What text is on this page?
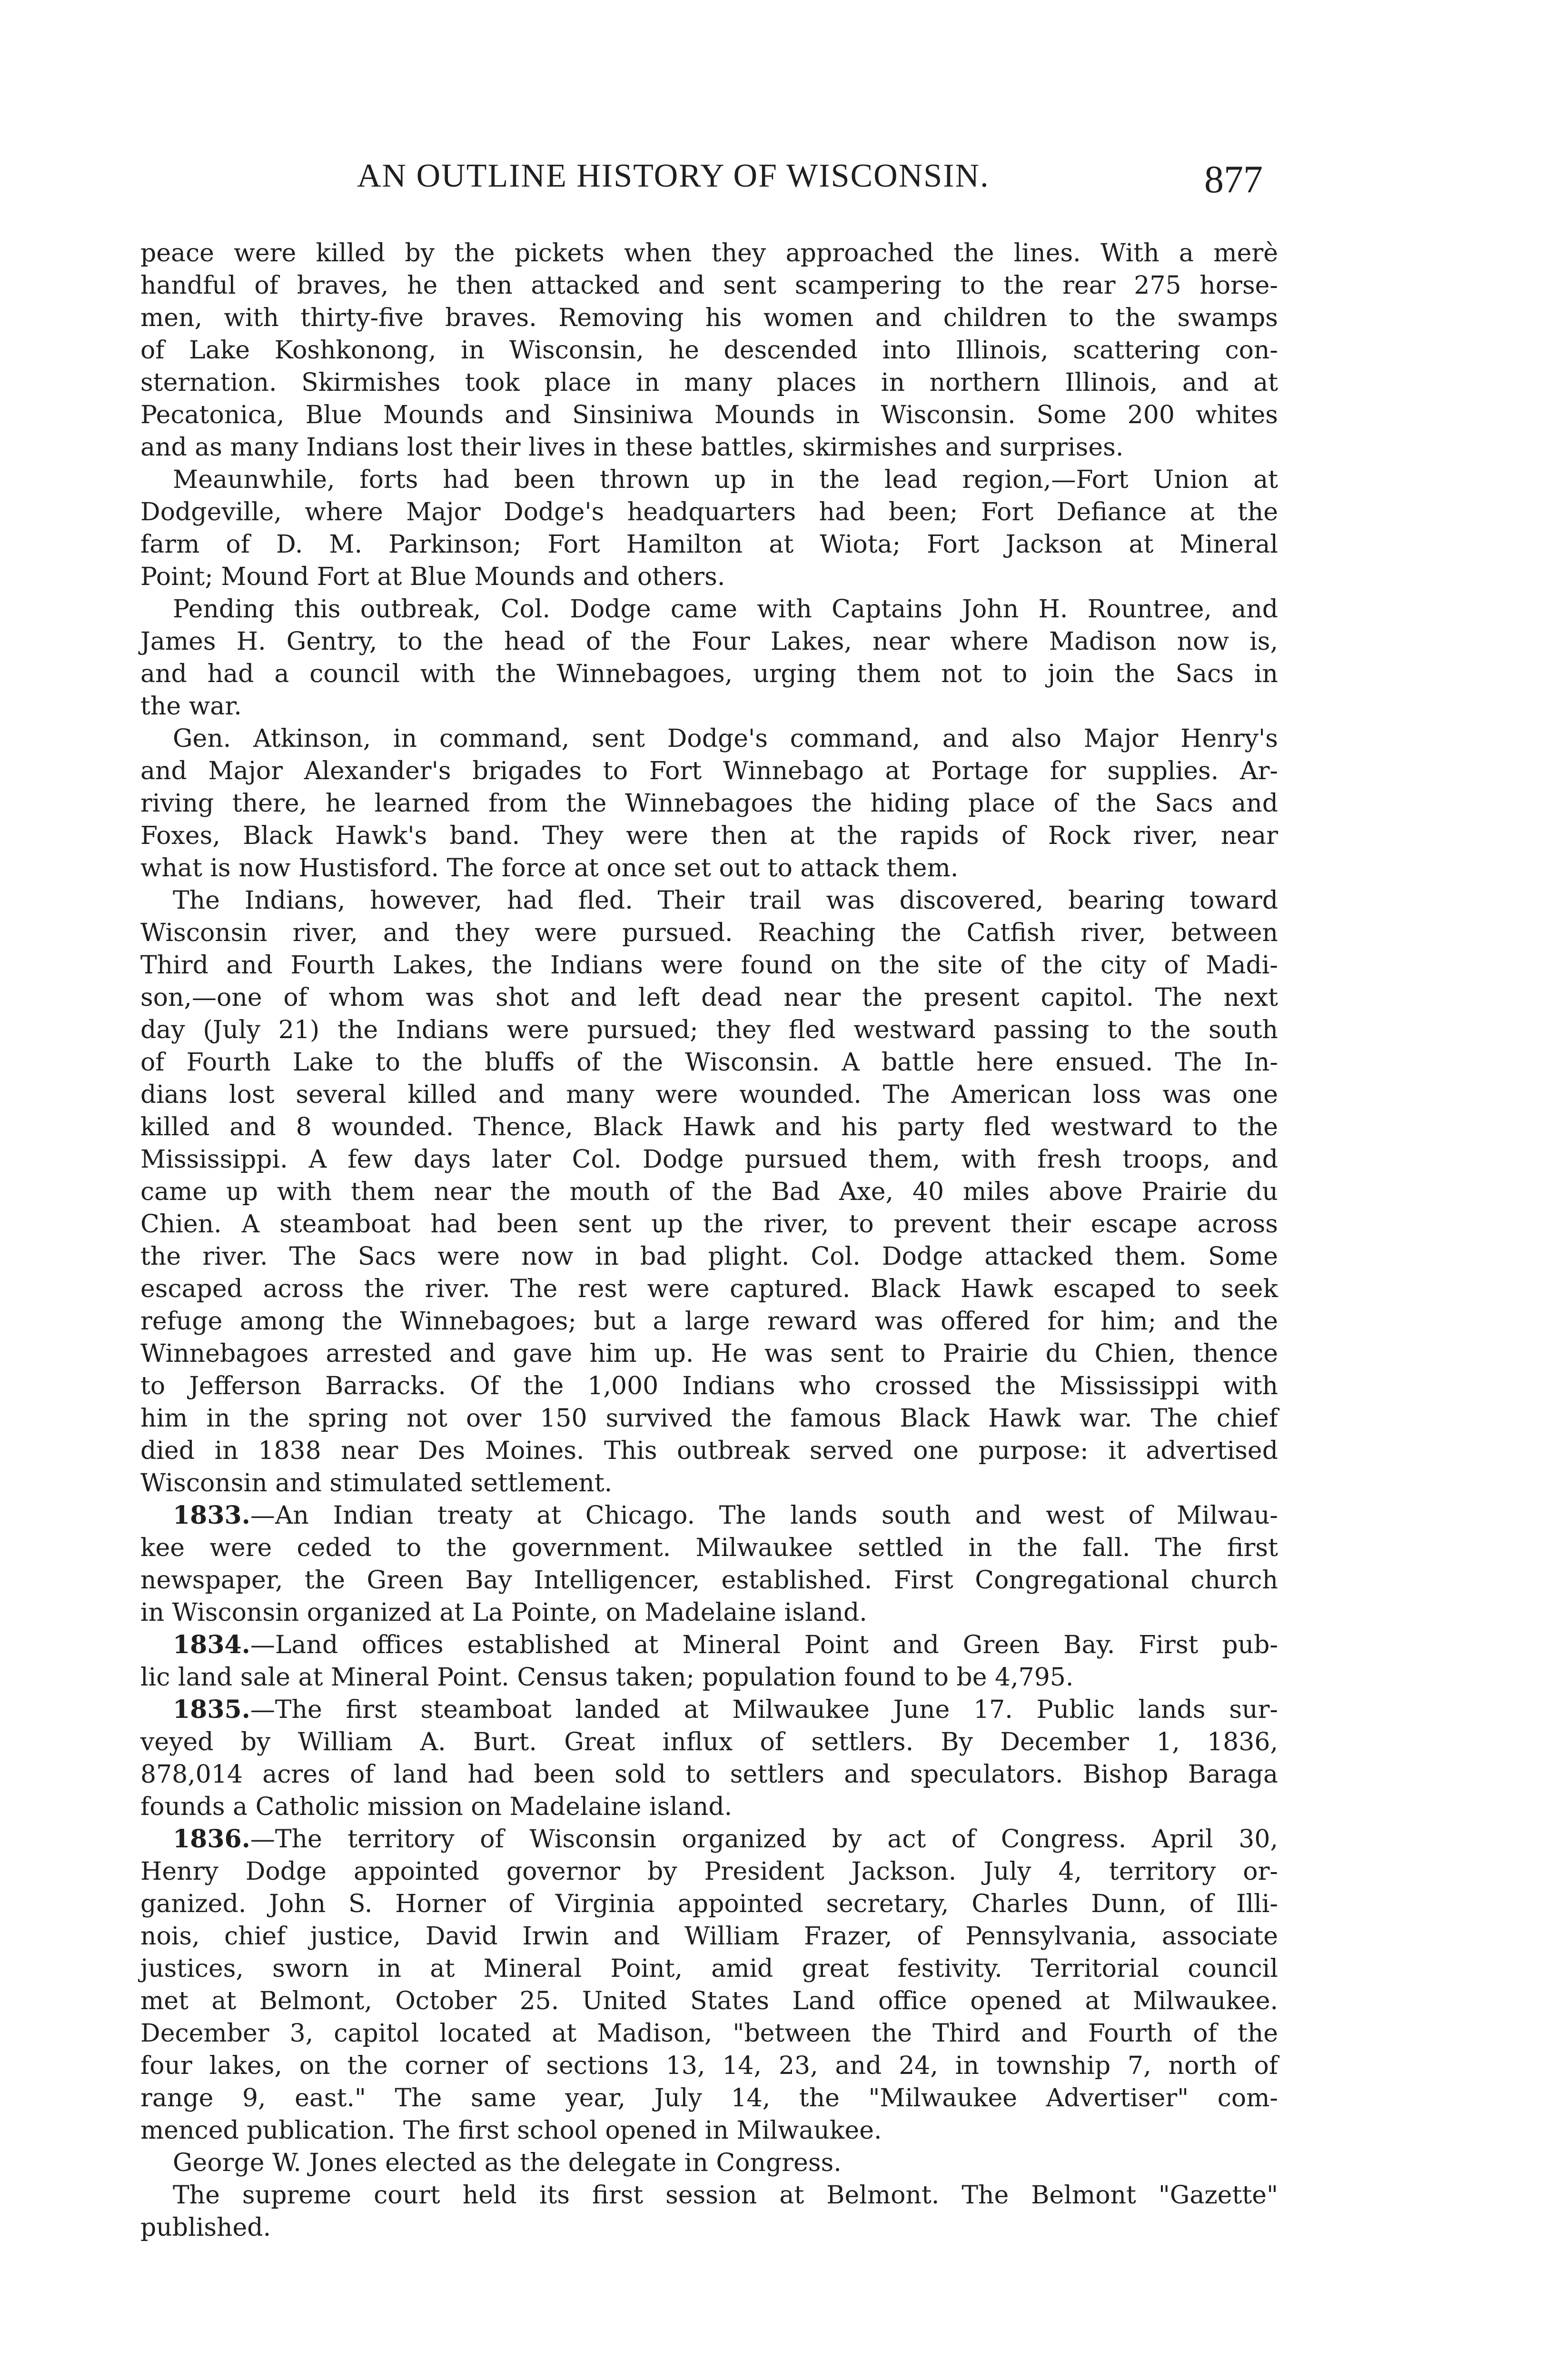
AN OUTLINE HISTORY OF WISCONSIN.	877
peace were killed by the pickets when they approached the lines. With a merè
handful of braves, he then attacked and sent scampering to the rear 275 horse-
men, with thirty-five braves. Removing his women and children to the swamps
of Lake Koshkonong, in Wisconsin, he descended into Illinois, scattering con-
sternation. Skirmishes took place in many places in northern Illinois, and at
Pecatonica, Blue Mounds and Sinsiniwa Mounds in Wisconsin. Some 200 whites
and as many Indians lost their lives in these battles, skirmishes and surprises.
Meaunwhile, forts had been thrown up in the lead region,—Fort Union at
Dodgeville, where Major Dodge's headquarters had been; Fort Defiance at the
farm of D. M. Parkinson; Fort Hamilton at Wiota; Fort Jackson at Mineral
Point; Mound Fort at Blue Mounds and others.
Pending this outbreak, Col. Dodge came with Captains John H. Rountree, and
James H. Gentry, to the head of the Four Lakes, near where Madison now is,
and had a council with the Winnebagoes, urging them not to join the Sacs in
the war.
Gen. Atkinson, in command, sent Dodge's command, and also Major Henry's
and Major Alexander's brigades to Fort Winnebago at Portage for supplies. Ar-
riving there, he learned from the Winnebagoes the hiding place of the Sacs and
Foxes, Black Hawk's band. They were then at the rapids of Rock river, near
what is now Hustisford. The force at once set out to attack them.
The Indians, however, had fled. Their trail was discovered, bearing toward
Wisconsin river, and they were pursued. Reaching the Catfish river, between
Third and Fourth Lakes, the Indians were found on the site of the city of Madi-
son,—one of whom was shot and left dead near the present capitol. The next
day (July 21) the Indians were pursued; they fled westward passing to the south
of Fourth Lake to the bluffs of the Wisconsin. A battle here ensued. The In-
dians lost several killed and many were wounded. The American loss was one
killed and 8 wounded. Thence, Black Hawk and his party fled westward to the
Mississippi. A few days later Col. Dodge pursued them, with fresh troops, and
came up with them near the mouth of the Bad Axe, 40 miles above Prairie du
Chien. A steamboat had been sent up the river, to prevent their escape across
the river. The Sacs were now in bad plight. Col. Dodge attacked them. Some
escaped across the river. The rest were captured. Black Hawk escaped to seek
refuge among the Winnebagoes; but a large reward was offered for him; and the
Winnebagoes arrested and gave him up. He was sent to Prairie du Chien, thence
to Jefferson Barracks. Of the 1,000 Indians who crossed the Mississippi with
him in the spring not over 150 survived the famous Black Hawk war. The chief
died in 1838 near Des Moines. This outbreak served one purpose: it advertised
Wisconsin and stimulated settlement.
1833.—An Indian treaty at Chicago. The lands south and west of Milwau-
kee were ceded to the government. Milwaukee settled in the fall. The first
newspaper, the Green Bay Intelligencer, established. First Congregational church
in Wisconsin organized at La Pointe, on Madelaine island.
1834.—Land offices established at Mineral Point and Green Bay. First pub-
lic land sale at Mineral Point. Census taken; population found to be 4,795.
1835.—The first steamboat landed at Milwaukee June 17. Public lands sur-
veyed by William A. Burt. Great influx of settlers. By December 1, 1836,
878,014 acres of land had been sold to settlers and speculators. Bishop Baraga
founds a Catholic mission on Madelaine island.
1836.—The territory of Wisconsin organized by act of Congress. April 30,
Henry Dodge appointed governor by President Jackson. July 4, territory or-
ganized. John S. Horner of Virginia appointed secretary, Charles Dunn, of Illi-
nois, chief justice, David Irwin and William Frazer, of Pennsylvania, associate
justices, sworn in at Mineral Point, amid great festivity. Territorial council
met at Belmont, October 25. United States Land office opened at Milwaukee.
December 3, capitol located at Madison, "between the Third and Fourth of the
four lakes, on the corner of sections 13, 14, 23, and 24, in township 7, north of
range 9, east." The same year, July 14, the "Milwaukee Advertiser" com-
menced publication. The first school opened in Milwaukee.
George W. Jones elected as the delegate in Congress.
The supreme court held its first session at Belmont. The Belmont "Gazette"
published.
